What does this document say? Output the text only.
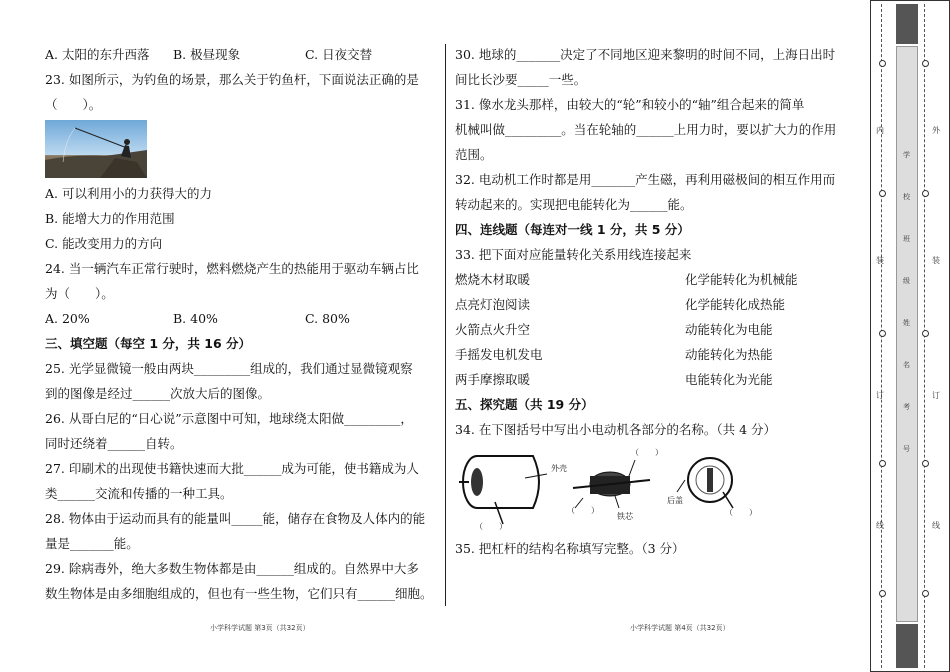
A. 太阳的东升西落 B. 极昼现象	C. 日夜交替
23. 如图所示，为钓鱼的场景，那么关于钓鱼杆，下面说法正确的是
（　　）。
A. 可以利用小的力获得大的力
B. 能增大力的作用范围
C. 能改变用力的方向
24. 当一辆汽车正常行驶时，燃料燃烧产生的热能用于驱动车辆占比
为（　　）。
A. 20%	B. 40%	C. 80%
三、填空题（每空 1 分，共 16 分）
25. 光学显微镜一般由两块_________组成的，我们通过显微镜观察
到的图像是经过______次放大后的图像。
26. 从哥白尼的“日心说”示意图中可知，地球绕太阳做_________，
同时还绕着______自转。
27. 印刷术的出现使书籍快速而大批______成为可能，使书籍成为人
类______交流和传播的一种工具。
28. 物体由于运动而具有的能量叫_____能，储存在食物及人体内的能
量是_______能。
29. 除病毒外，绝大多数生物体都是由______组成的。自然界中大多
数生物体是由多细胞组成的，但也有一些生物，它们只有______细胞。
30. 地球的_______决定了不同地区迎来黎明的时间不同，上海日出时
间比长沙要_____一些。
31. 像水龙头那样，由较大的“轮”和较小的“轴”组合起来的简单
机械叫做_________。当在轮轴的______上用力时，要以扩大力的作用
范围。
32. 电动机工作时都是用_______产生磁，再利用磁极间的相互作用而
转动起来的。实现把电能转化为______能。
四、连线题（每连对一线 1 分，共 5 分）
33. 把下面对应能量转化关系用线连接起来
燃烧木材取暖	化学能转化为机械能
点亮灯泡阅读	化学能转化成热能
火箭点火升空	动能转化为电能
手摇发电机发电	动能转化为热能
两手摩擦取暖	电能转化为光能
五、探究题（共 19 分）
34. 在下图括号中写出小电动机各部分的名称。（共 4 分）
外壳
（　　）
铁芯
（　　）
后盖
（　　）
（　　）
35. 把杠杆的结构名称填写完整。（3 分）
小学科学试题 第3页（共32页）	小学科学试题 第4页（共32页）
学
校
班
级
姓
名
考
号
内
装
订
线
外
装
订
线
